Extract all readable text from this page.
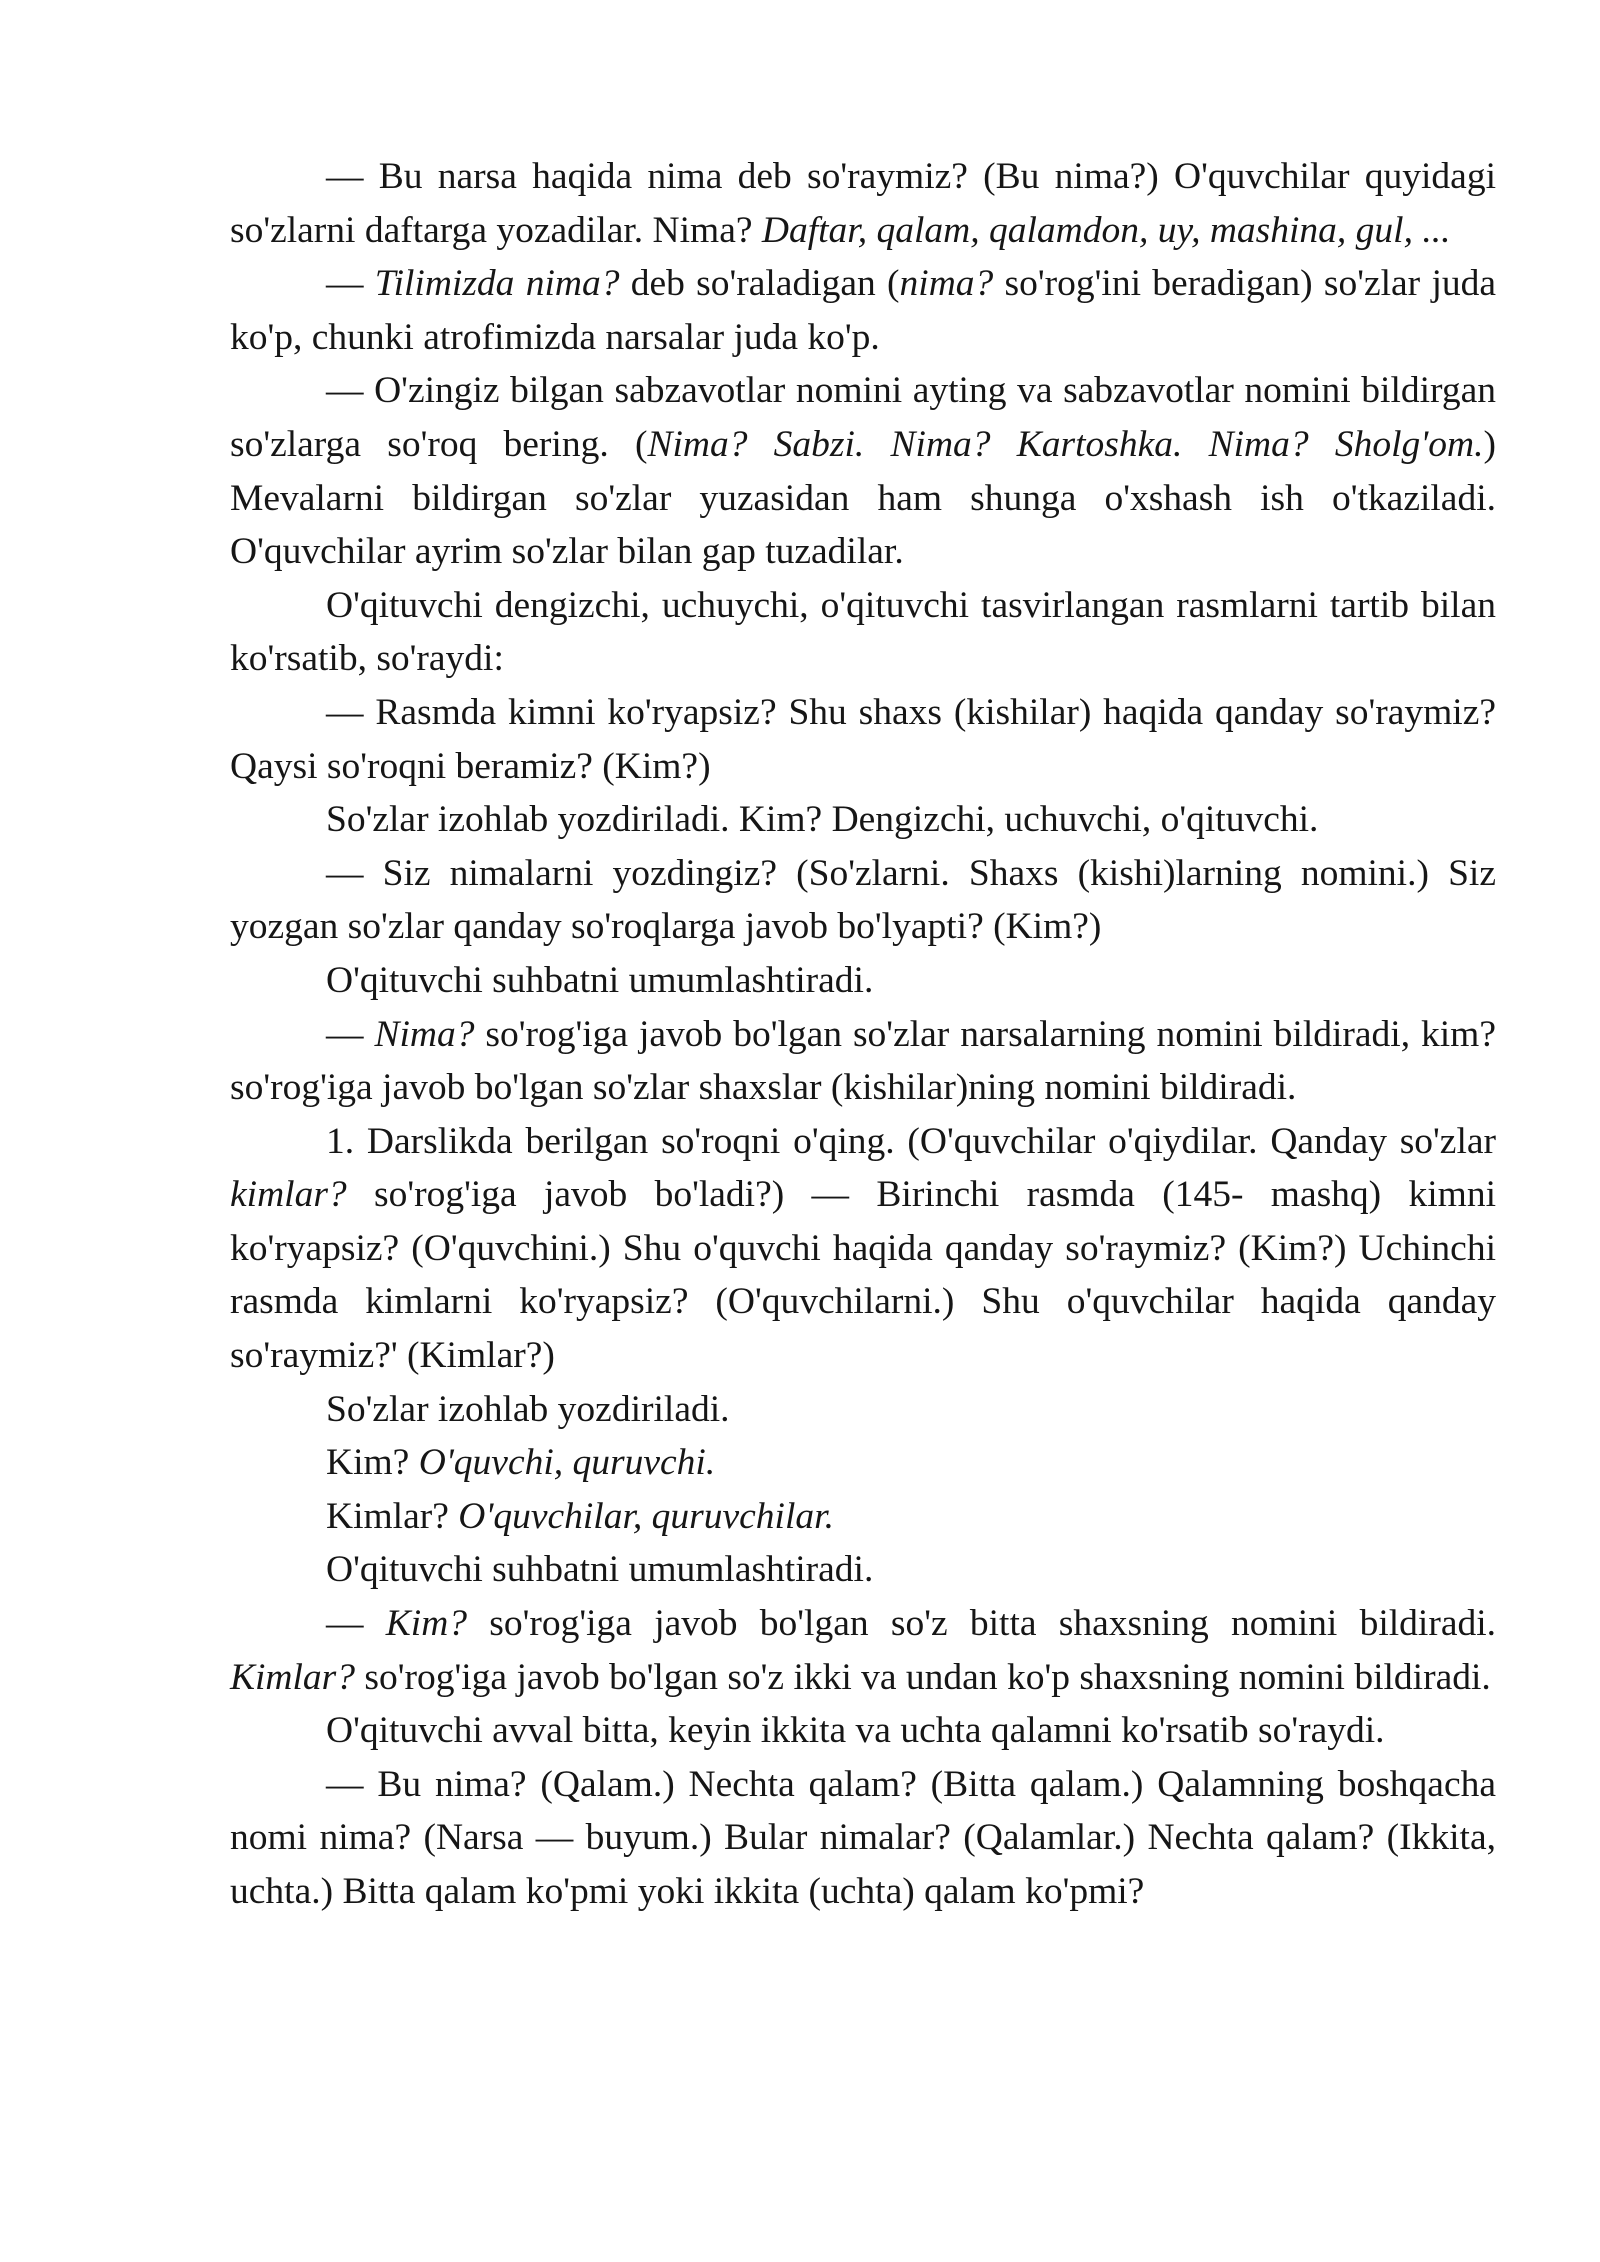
— Bu narsa haqida nima deb so'raymiz? (Bu nima?) O'quvchilar quyidagi so'zlarni daftarga yozadilar. Nima? Daftar, qalam, qalamdon, uy, mashina, gul, ...

— Tilimizda nima? deb so'raladigan (nima? so'rog'ini beradigan) so'zlar juda ko'p, chunki atrofimizda narsalar juda ko'p.

— O'zingiz bilgan sabzavotlar nomini ayting va sabzavotlar nomini bildirgan so'zlarga so'roq bering. (Nima? Sabzi. Nima? Kartoshka. Nima? Sholg'om.) Mevalarni bildirgan so'zlar yuzasidan ham shunga o'xshash ish o'tkaziladi. O'quvchilar ayrim so'zlar bilan gap tuzadilar.

O'qituvchi dengizchi, uchuychi, o'qituvchi tasvirlangan rasmlarni tartib bilan ko'rsatib, so'raydi:

— Rasmda kimni ko'ryapsiz? Shu shaxs (kishilar) haqida qanday so'raymiz? Qaysi so'roqni beramiz? (Kim?)

So'zlar izohlab yozdiriladi. Kim? Dengizchi, uchuvchi, o'qituvchi.

— Siz nimalarni yozdingiz? (So'zlarni. Shaxs (kishi)larning nomini.) Siz yozgan so'zlar qanday so'roqlarga javob bo'lyapti? (Kim?)

O'qituvchi suhbatni umumlashtiradi.

— Nima? so'rog'iga javob bo'lgan so'zlar narsalarning nomini bildiradi, kim? so'rog'iga javob bo'lgan so'zlar shaxslar (kishilar)ning nomini bildiradi.

1. Darslikda berilgan so'roqni o'qing. (O'quvchilar o'qiydilar. Qanday so'zlar kimlar? so'rog'iga javob bo'ladi?) — Birinchi rasmda (145- mashq) kimni ko'ryapsiz? (O'quvchini.) Shu o'quvchi haqida qanday so'raymiz? (Kim?) Uchinchi rasmda kimlarni ko'ryapsiz? (O'quvchilarni.) Shu o'quvchilar haqida qanday so'raymiz?' (Kimlar?)

So'zlar izohlab yozdiriladi.

Kim? O'quvchi, quruvchi.

Kimlar? O'quvchilar, quruvchilar.

O'qituvchi suhbatni umumlashtiradi.

— Kim? so'rog'iga javob bo'lgan so'z bitta shaxsning nomini bildiradi. Kimlar? so'rog'iga javob bo'lgan so'z ikki va undan ko'p shaxsning nomini bildiradi.

O'qituvchi avval bitta, keyin ikkita va uchta qalamni ko'rsatib so'raydi.

— Bu nima? (Qalam.) Nechta qalam? (Bitta qalam.) Qalamning boshqacha nomi nima? (Narsa — buyum.) Bular nimalar? (Qalamlar.) Nechta qalam? (Ikkita, uchta.) Bitta qalam ko'pmi yoki ikkita (uchta) qalam ko'pmi?
